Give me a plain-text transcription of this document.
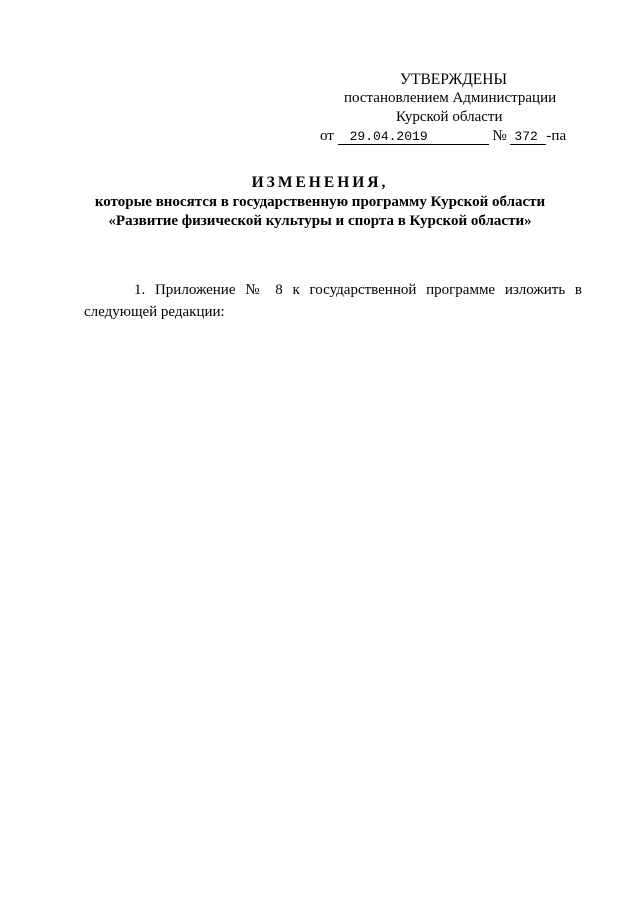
УТВЕРЖДЕНЫ
постановлением Администрации
Курской области
от 29.04.2019	№ 372 -па
ИЗМЕНЕНИЯ,
которые вносятся в государственную программу Курской области
«Развитие физической культуры и спорта в Курской области»

1. Приложение № 8 к государственной программе изложить в следующей редакции:
